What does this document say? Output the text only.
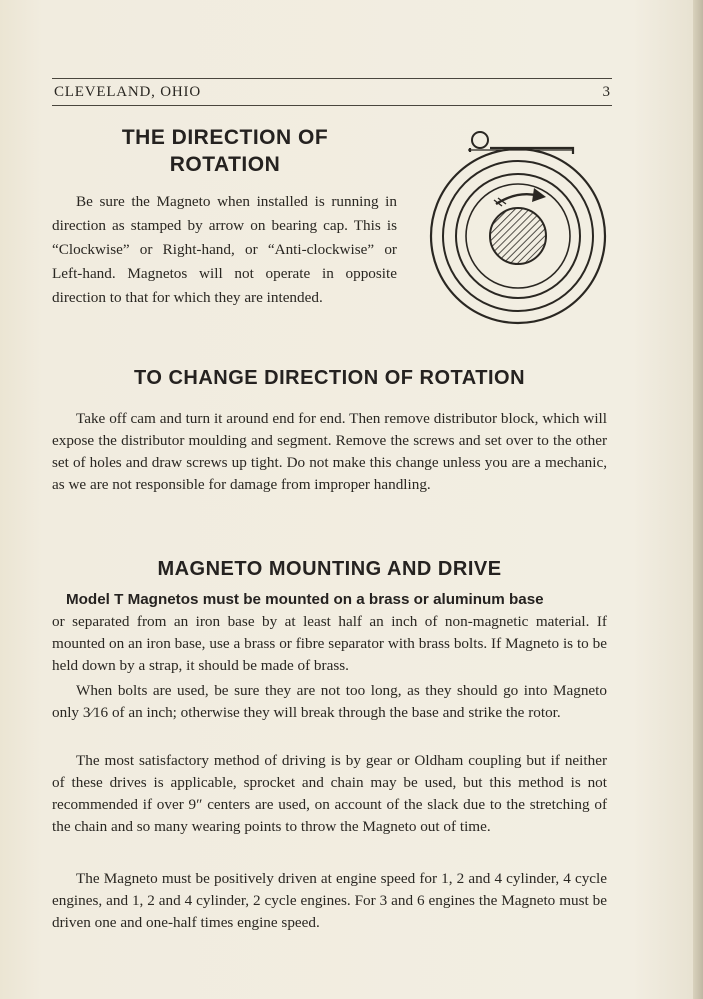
CLEVELAND, OHIO	3
THE DIRECTION OF
ROTATION

Be sure the Magneto when installed is running in direction as stamped by arrow on bearing cap. This is “Clockwise” or Right-hand, or “Anti-clockwise” or Left-hand. Magnetos will not operate in opposite direction to that for which they are intended.

TO CHANGE DIRECTION OF ROTATION

Take off cam and turn it around end for end. Then remove distributor block, which will expose the distributor moulding and segment. Remove the screws and set over to the other set of holes and draw screws up tight. Do not make this change unless you are a mechanic, as we are not responsible for damage from improper handling.

MAGNETO MOUNTING AND DRIVE
Model T Magnetos must be mounted on a brass or aluminum base
or separated from an iron base by at least half an inch of non-magnetic material. If mounted on an iron base, use a brass or fibre separator with brass bolts. If Magneto is to be held down by a strap, it should be made of brass.

When bolts are used, be sure they are not too long, as they should go into Magneto only 3⁄16 of an inch; otherwise they will break through the base and strike the rotor.

The most satisfactory method of driving is by gear or Oldham coupling but if neither of these drives is applicable, sprocket and chain may be used, but this method is not recommended if over 9″ centers are used, on account of the slack due to the stretching of the chain and so many wearing points to throw the Magneto out of time.

The Magneto must be positively driven at engine speed for 1, 2 and 4 cylinder, 4 cycle engines, and 1, 2 and 4 cylinder, 2 cycle engines. For 3 and 6 engines the Magneto must be driven one and one-half times engine speed.
